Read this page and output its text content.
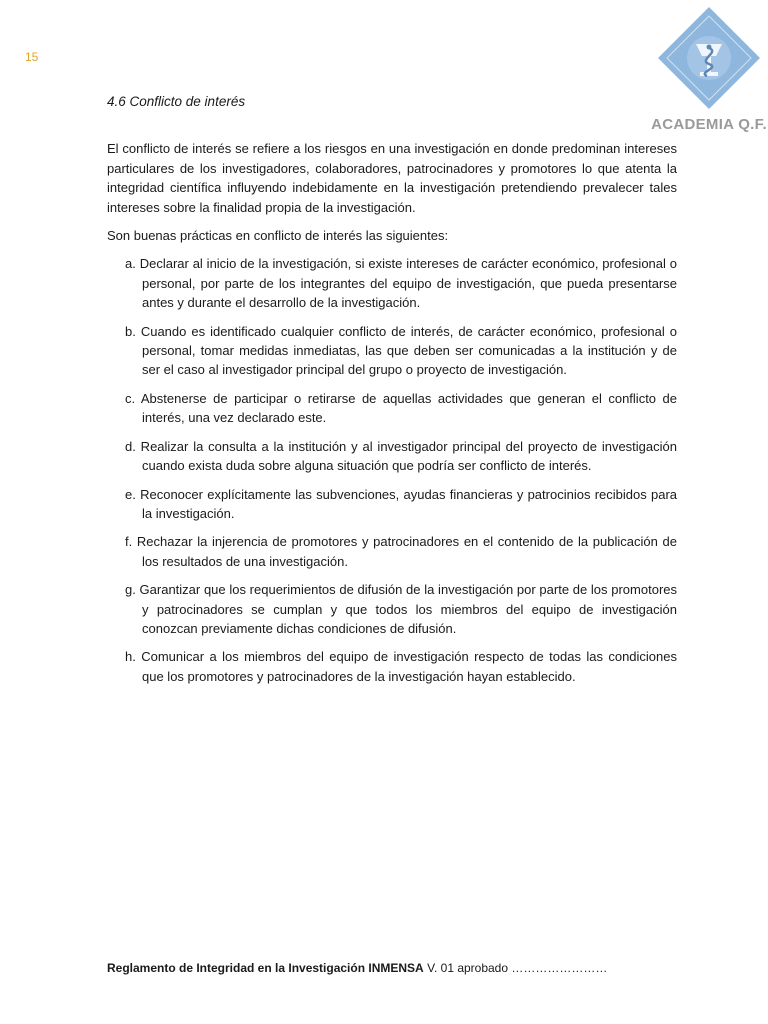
15
ACADEMIA Q.F.
4.6 Conflicto de interés

El conflicto de interés se refiere a los riesgos en una investigación en donde predominan intereses particulares de los investigadores, colaboradores, patrocinadores y promotores lo que atenta la integridad científica influyendo indebidamente en la investigación pretendiendo prevalecer tales intereses sobre la finalidad propia de la investigación.

Son buenas prácticas en conflicto de interés las siguientes:

a. Declarar al inicio de la investigación, si existe intereses de carácter económico, profesional o personal, por parte de los integrantes del equipo de investigación, que pueda presentarse antes y durante el desarrollo de la investigación.
b. Cuando es identificado cualquier conflicto de interés, de carácter económico, profesional o personal, tomar medidas inmediatas, las que deben ser comunicadas a la institución y de ser el caso al investigador principal del grupo o proyecto de investigación.
c. Abstenerse de participar o retirarse de aquellas actividades que generan el conflicto de interés, una vez declarado este.
d. Realizar la consulta a la institución y al investigador principal del proyecto de investigación cuando exista duda sobre alguna situación que podría ser conflicto de interés.
e. Reconocer explícitamente las subvenciones, ayudas financieras y patrocinios recibidos para la investigación.
f. Rechazar la injerencia de promotores y patrocinadores en el contenido de la publicación de los resultados de una investigación.
g. Garantizar que los requerimientos de difusión de la investigación por parte de los promotores y patrocinadores se cumplan y que todos los miembros del equipo de investigación conozcan previamente dichas condiciones de difusión.
h. Comunicar a los miembros del equipo de investigación respecto de todas las condiciones que los promotores y patrocinadores de la investigación hayan establecido.
Reglamento de Integridad en la Investigación INMENSA V. 01 aprobado ……………………
